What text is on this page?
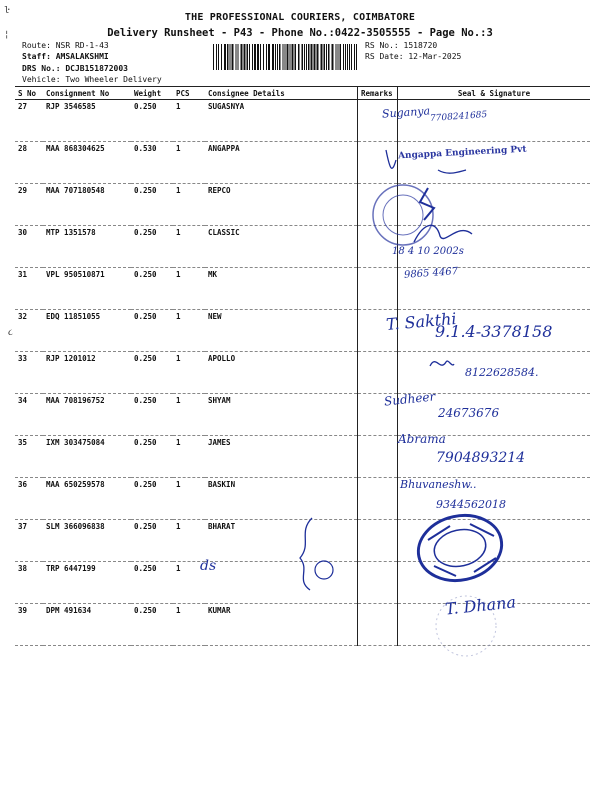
ŀ
¦
૮
THE PROFESSIONAL COURIERS, COIMBATORE
Delivery Runsheet - P43 - Phone No.:0422-3505555 - Page No.:3
Route: NSR RD-1-43
Staff: AMSALAKSHMI
DRS No.: DCJB151872003
Vehicle: Two Wheeler Delivery
RS No.: 1518720
RS Date: 12-Mar-2025
S No	Consignment No	Weight	PCS	Consignee Details	Remarks	Seal & Signature
27	RJP 3546585	0.250	1	SUGASNYA		
28	MAA 868304625	0.530	1	ANGAPPA		
29	MAA 707180548	0.250	1	REPCO		
30	MTP 1351578	0.250	1	CLASSIC		
31	VPL 950510871	0.250	1	MK		
32	EDQ 11851055	0.250	1	NEW		
33	RJP 1201012	0.250	1	APOLLO		
34	MAA 708196752	0.250	1	SHYAM		
35	IXM 303475084	0.250	1	JAMES		
36	MAA 650259578	0.250	1	BASKIN		
37	SLM 366096838	0.250	1	BHARAT		
38	TRP 6447199	0.250	1			
39	DPM 491634	0.250	1	KUMAR		
Suganya 7708241685
Angappa Engineering Pvt
18 4 10 2002s
9865 4467
T. Sakthi
9.1.4-3378158
8122628584.
Sudheer
24673676
Abrama
7904893214
Bhuvaneshw..
9344562018
ds
T. Dhana
